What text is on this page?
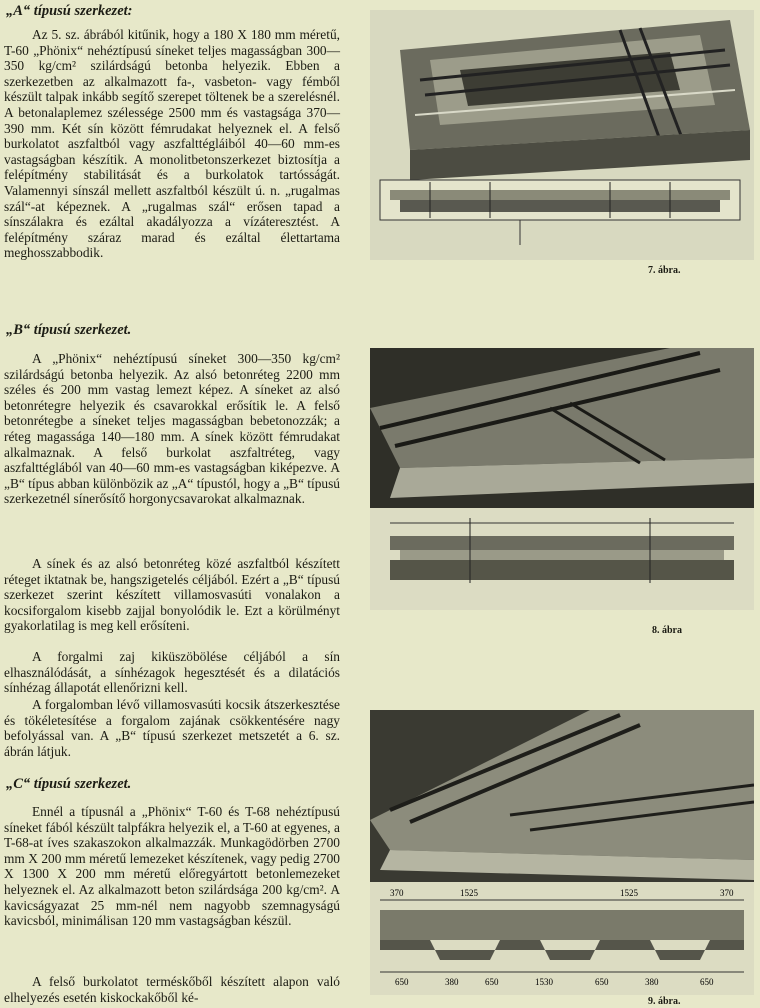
„A“ típusú szerkezet:

Az 5. sz. ábrából kitűnik, hogy a 180 X 180 mm méretű, T-60 „Phönix“ nehéztípusú síneket teljes magasságban 300—350 kg/cm² szilárdságú betonba helyezik. Ebben a szerkezetben az alkalmazott fa-, vasbeton- vagy fémből készült talpak inkább segítő szerepet töltenek be a szerelésnél. A betonalaplemez szélessége 2500 mm és vastagsága 370—390 mm. Két sín között fémrudakat helyeznek el. A felső burkolatot aszfaltból vagy aszfalttégláiból 40—60 mm-es vastagságban készítik. A monolitbetonszerkezet biztosítja a felépítmény stabilitását és a burkolatok tartósságát. Valamennyi sínszál mellett aszfaltból készült ú. n. „rugalmas szál“-at képeznek. A „rugalmas szál“ erősen tapad a sínszálakra és ezáltal akadályozza a vízáteresztést. A felépítmény száraz marad és ezáltal élettartama meghosszabbodik.

„B“ típusú szerkezet.

A „Phönix“ nehéztípusú síneket 300—350 kg/cm² szilárdságú betonba helyezik. Az alsó betonréteg 2200 mm széles és 200 mm vastag lemezt képez. A síneket az alsó betonrétegre helyezik és csavarokkal erősítik le. A felső betonrétegbe a síneket teljes magasságban bebetonozzák; a réteg magassága 140—180 mm. A sínek között fémrudakat alkalmaznak. A felső burkolat aszfaltréteg, vagy aszfalttéglából van 40—60 mm-es vastagságban kiképezve. A „B“ típus abban különbözik az „A“ típustól, hogy a „B“ típusú szerkezetnél sínerősítő horgonycsavarokat alkalmaznak.

A sínek és az alsó betonréteg közé aszfaltból készített réteget iktatnak be, hangszigetelés céljából. Ezért a „B“ típusú szerkezet szerint készített villamosvasúti vonalakon a kocsiforgalom kisebb zajjal bonyolódik le. Ezt a körülményt gyakorlatilag is meg kell erősíteni.

A forgalmi zaj kiküszöbölése céljából a sín elhasználódását, a sínhézagok hegesztését és a dilatációs sínhézag állapotát ellenőrizni kell.

A forgalomban lévő villamosvasúti kocsik átszerkesztése és tökéletesítése a forgalom zajának csökkentésére nagy befolyással van. A „B“ típusú szerkezet metszetét a 6. sz. ábrán látjuk.

„C“ típusú szerkezet.

Ennél a típusnál a „Phönix“ T-60 és T-68 nehéztípusú síneket fából készült talpfákra helyezik el, a T-60 at egyenes, a T-68-at íves szakaszokon alkalmazzák. Munkagödörben 2700 mm X 200 mm méretű lemezeket készítenek, vagy pedig 2700 X 1300 X 200 mm méretű előregyártott betonlemezeket helyeznek el. Az alkalmazott beton szilárdsága 200 kg/cm². A kavicságyazat 25 mm-nél nem nagyobb szemnagyságú kavicsból, minimálisan 120 mm vastagságban készül.

A felső burkolatot terméskőből készített alapon való elhelyezés esetén kiskockakőből ké-

7. ábra.
8. ábra
370	1525	1525	370
650	380	650	1530	650	380	650
9. ábra.
